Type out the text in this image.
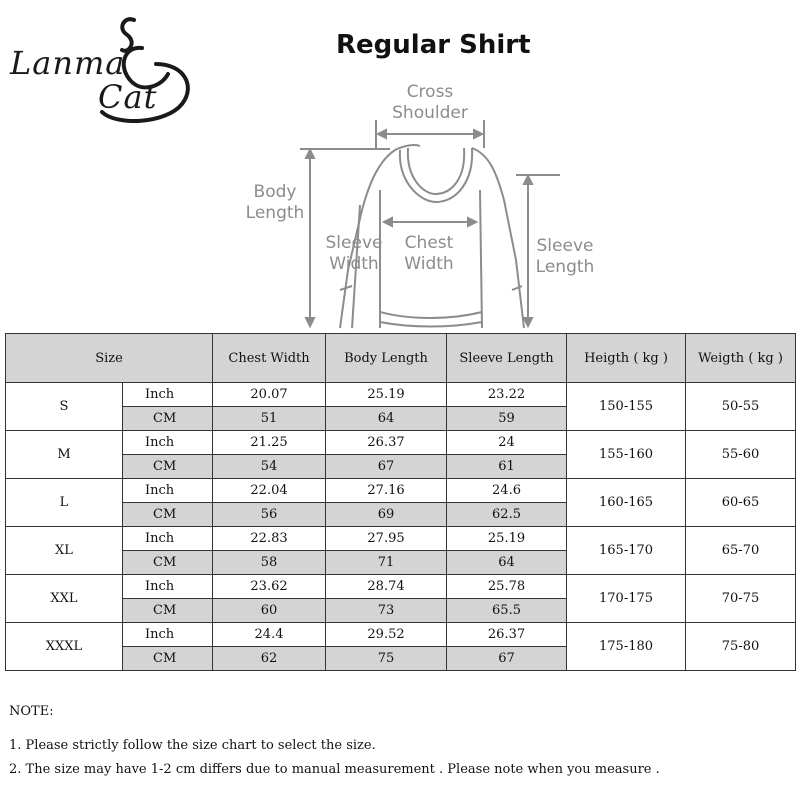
Lanma
Cat
Regular Shirt
Cross
Shoulder
Body
Length
Sleeve
Width
Chest
Width
Sleeve
Length
Size		Chest Width	Body Length	Sleeve Length	Heigth ( kg )	Weigth ( kg )
S	Inch	20.07	25.19	23.22	150-155	50-55
	CM	51	64	59		
M	Inch	21.25	26.37	24	155-160	55-60
	CM	54	67	61		
L	Inch	22.04	27.16	24.6	160-165	60-65
	CM	56	69	62.5		
XL	Inch	22.83	27.95	25.19	165-170	65-70
	CM	58	71	64		
XXL	Inch	23.62	28.74	25.78	170-175	70-75
	CM	60	73	65.5		
XXXL	Inch	24.4	29.52	26.37	175-180	75-80
	CM	62	75	67		

NOTE:

1. Please strictly follow the size chart to select the size.

2. The size may have 1-2 cm differs due to manual measurement . Please note when you measure .
